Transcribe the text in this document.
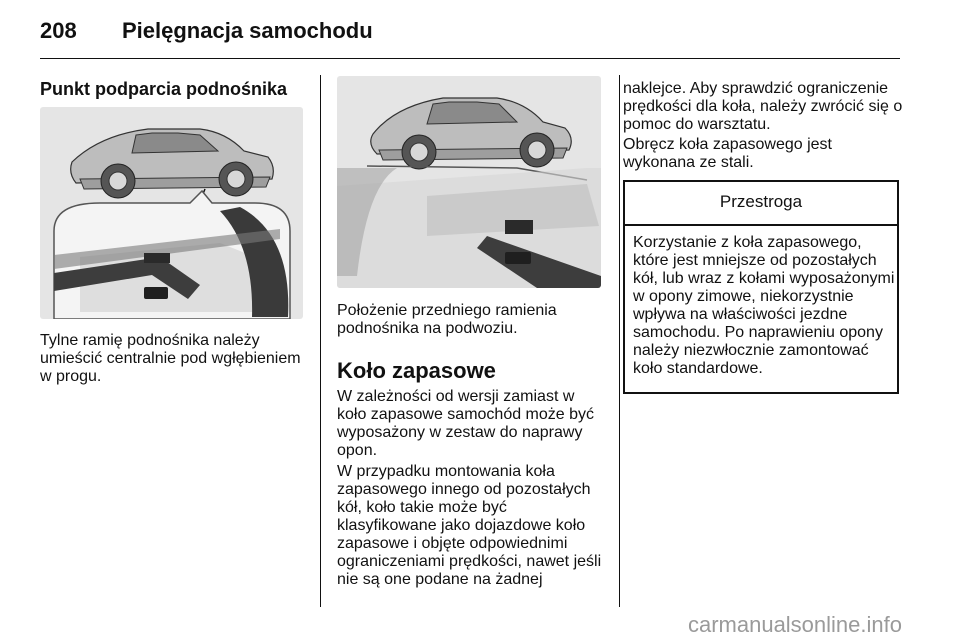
208 Pielęgnacja samochodu
Punkt podparcia podnośnika

Tylne ramię podnośnika należy umieścić centralnie pod wgłębieniem w progu.

Położenie przedniego ramienia podnośnika na podwoziu.

Koło zapasowe

W zależności od wersji zamiast w koło zapasowe samochód może być wyposażony w zestaw do naprawy opon.

W przypadku montowania koła zapasowego innego od pozostałych kół, koło takie może być klasyfikowane jako dojazdowe koło zapasowe i objęte odpowiednimi ograniczeniami prędkości, nawet jeśli nie są one podane na żadnej

naklejce. Aby sprawdzić ograniczenie prędkości dla koła, należy zwrócić się o pomoc do warsztatu.

Obręcz koła zapasowego jest wykonana ze stali.

Przestroga

Korzystanie z koła zapasowego, które jest mniejsze od pozostałych kół, lub wraz z kołami wyposażonymi w opony zimowe, niekorzystnie wpływa na właściwości jezdne samochodu. Po naprawieniu opony należy niezwłocznie zamontować koło standardowe.

carmanualsonline.info
